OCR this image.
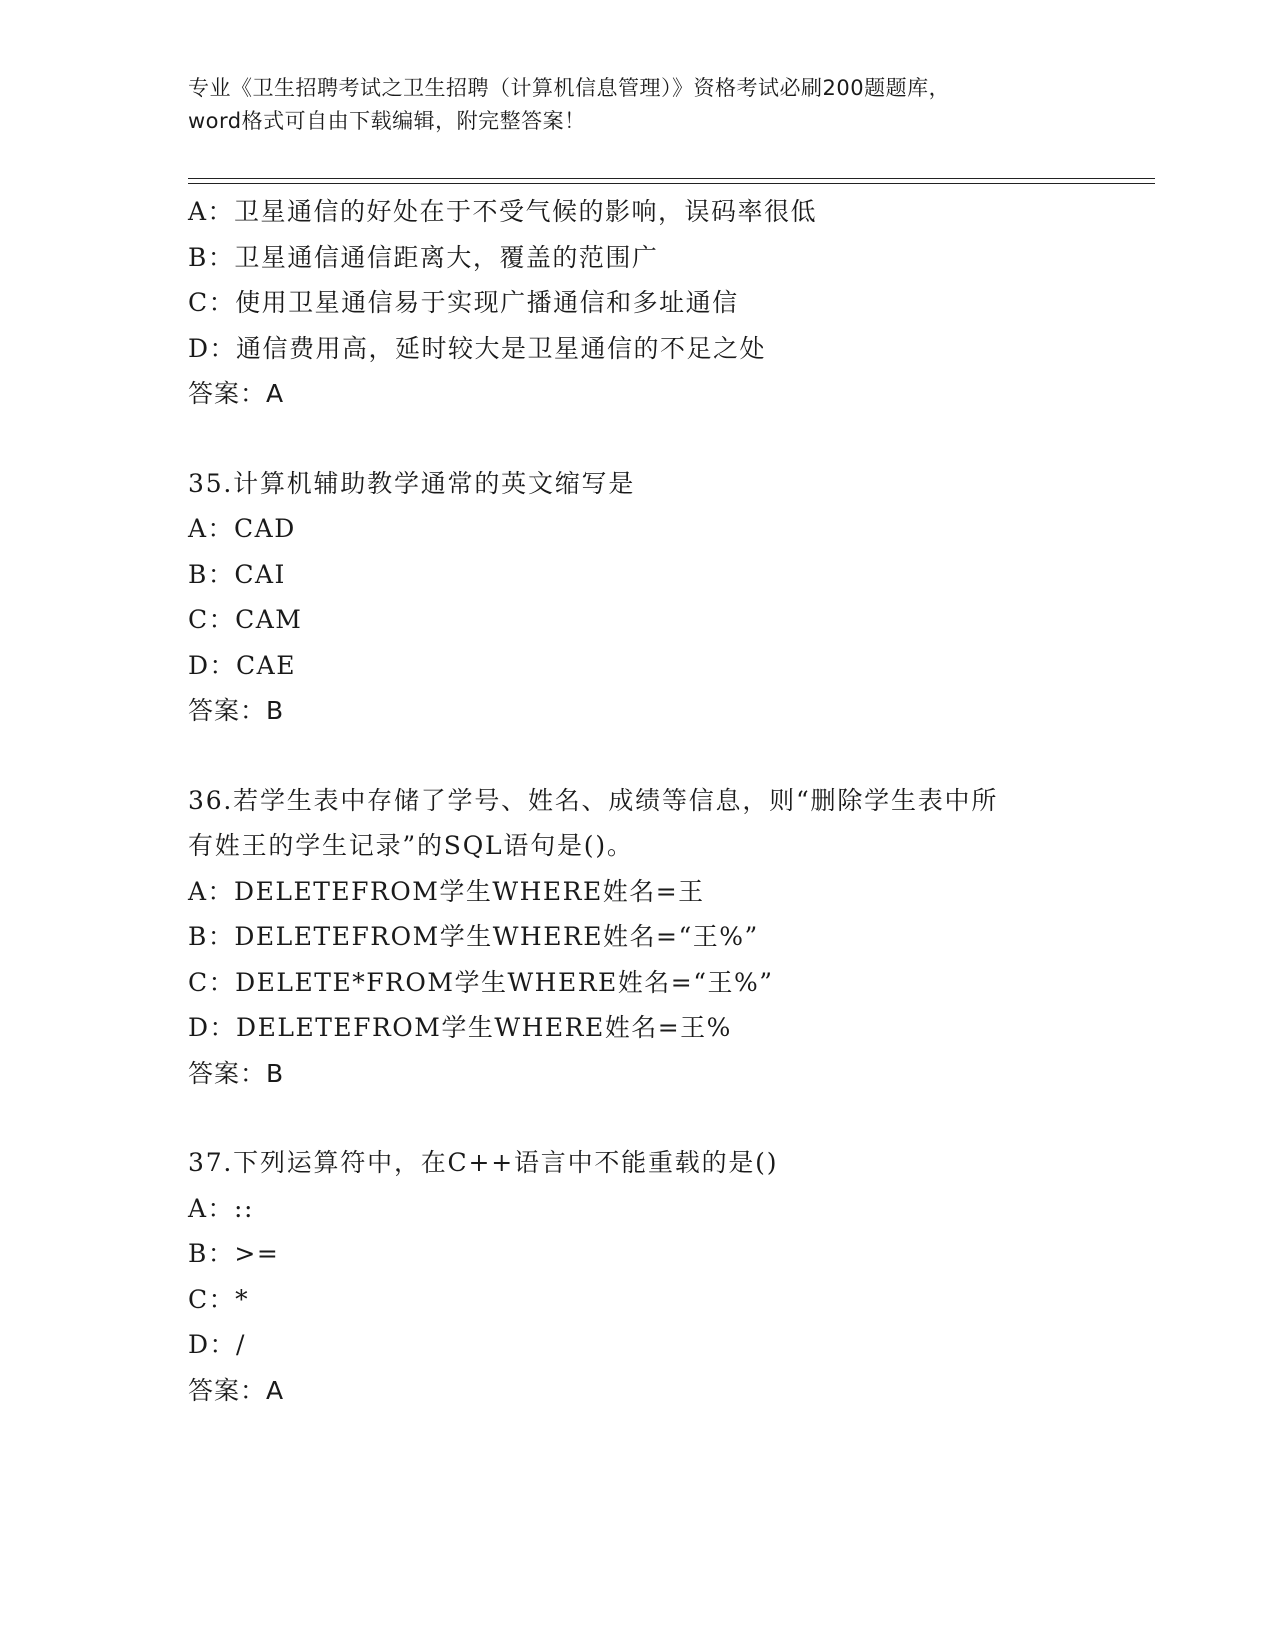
专业《卫生招聘考试之卫生招聘（计算机信息管理）》资格考试必刷200题题库，
word格式可自由下载编辑，附完整答案！
A：卫星通信的好处在于不受气候的影响，误码率很低
B：卫星通信通信距离大，覆盖的范围广
C：使用卫星通信易于实现广播通信和多址通信
D：通信费用高，延时较大是卫星通信的不足之处
答案：A
35.计算机辅助教学通常的英文缩写是
A：CAD
B：CAI
C：CAM
D：CAE
答案：B
36.若学生表中存储了学号、姓名、成绩等信息，则“删除学生表中所
有姓王的学生记录”的SQL语句是()。
A：DELETEFROM学生WHERE姓名=王
B：DELETEFROM学生WHERE姓名=“王%”
C：DELETE*FROM学生WHERE姓名=“王%”
D：DELETEFROM学生WHERE姓名=王%
答案：B
37.下列运算符中，在C++语言中不能重载的是()
A：::
B：>=
C：*
D：/
答案：A
